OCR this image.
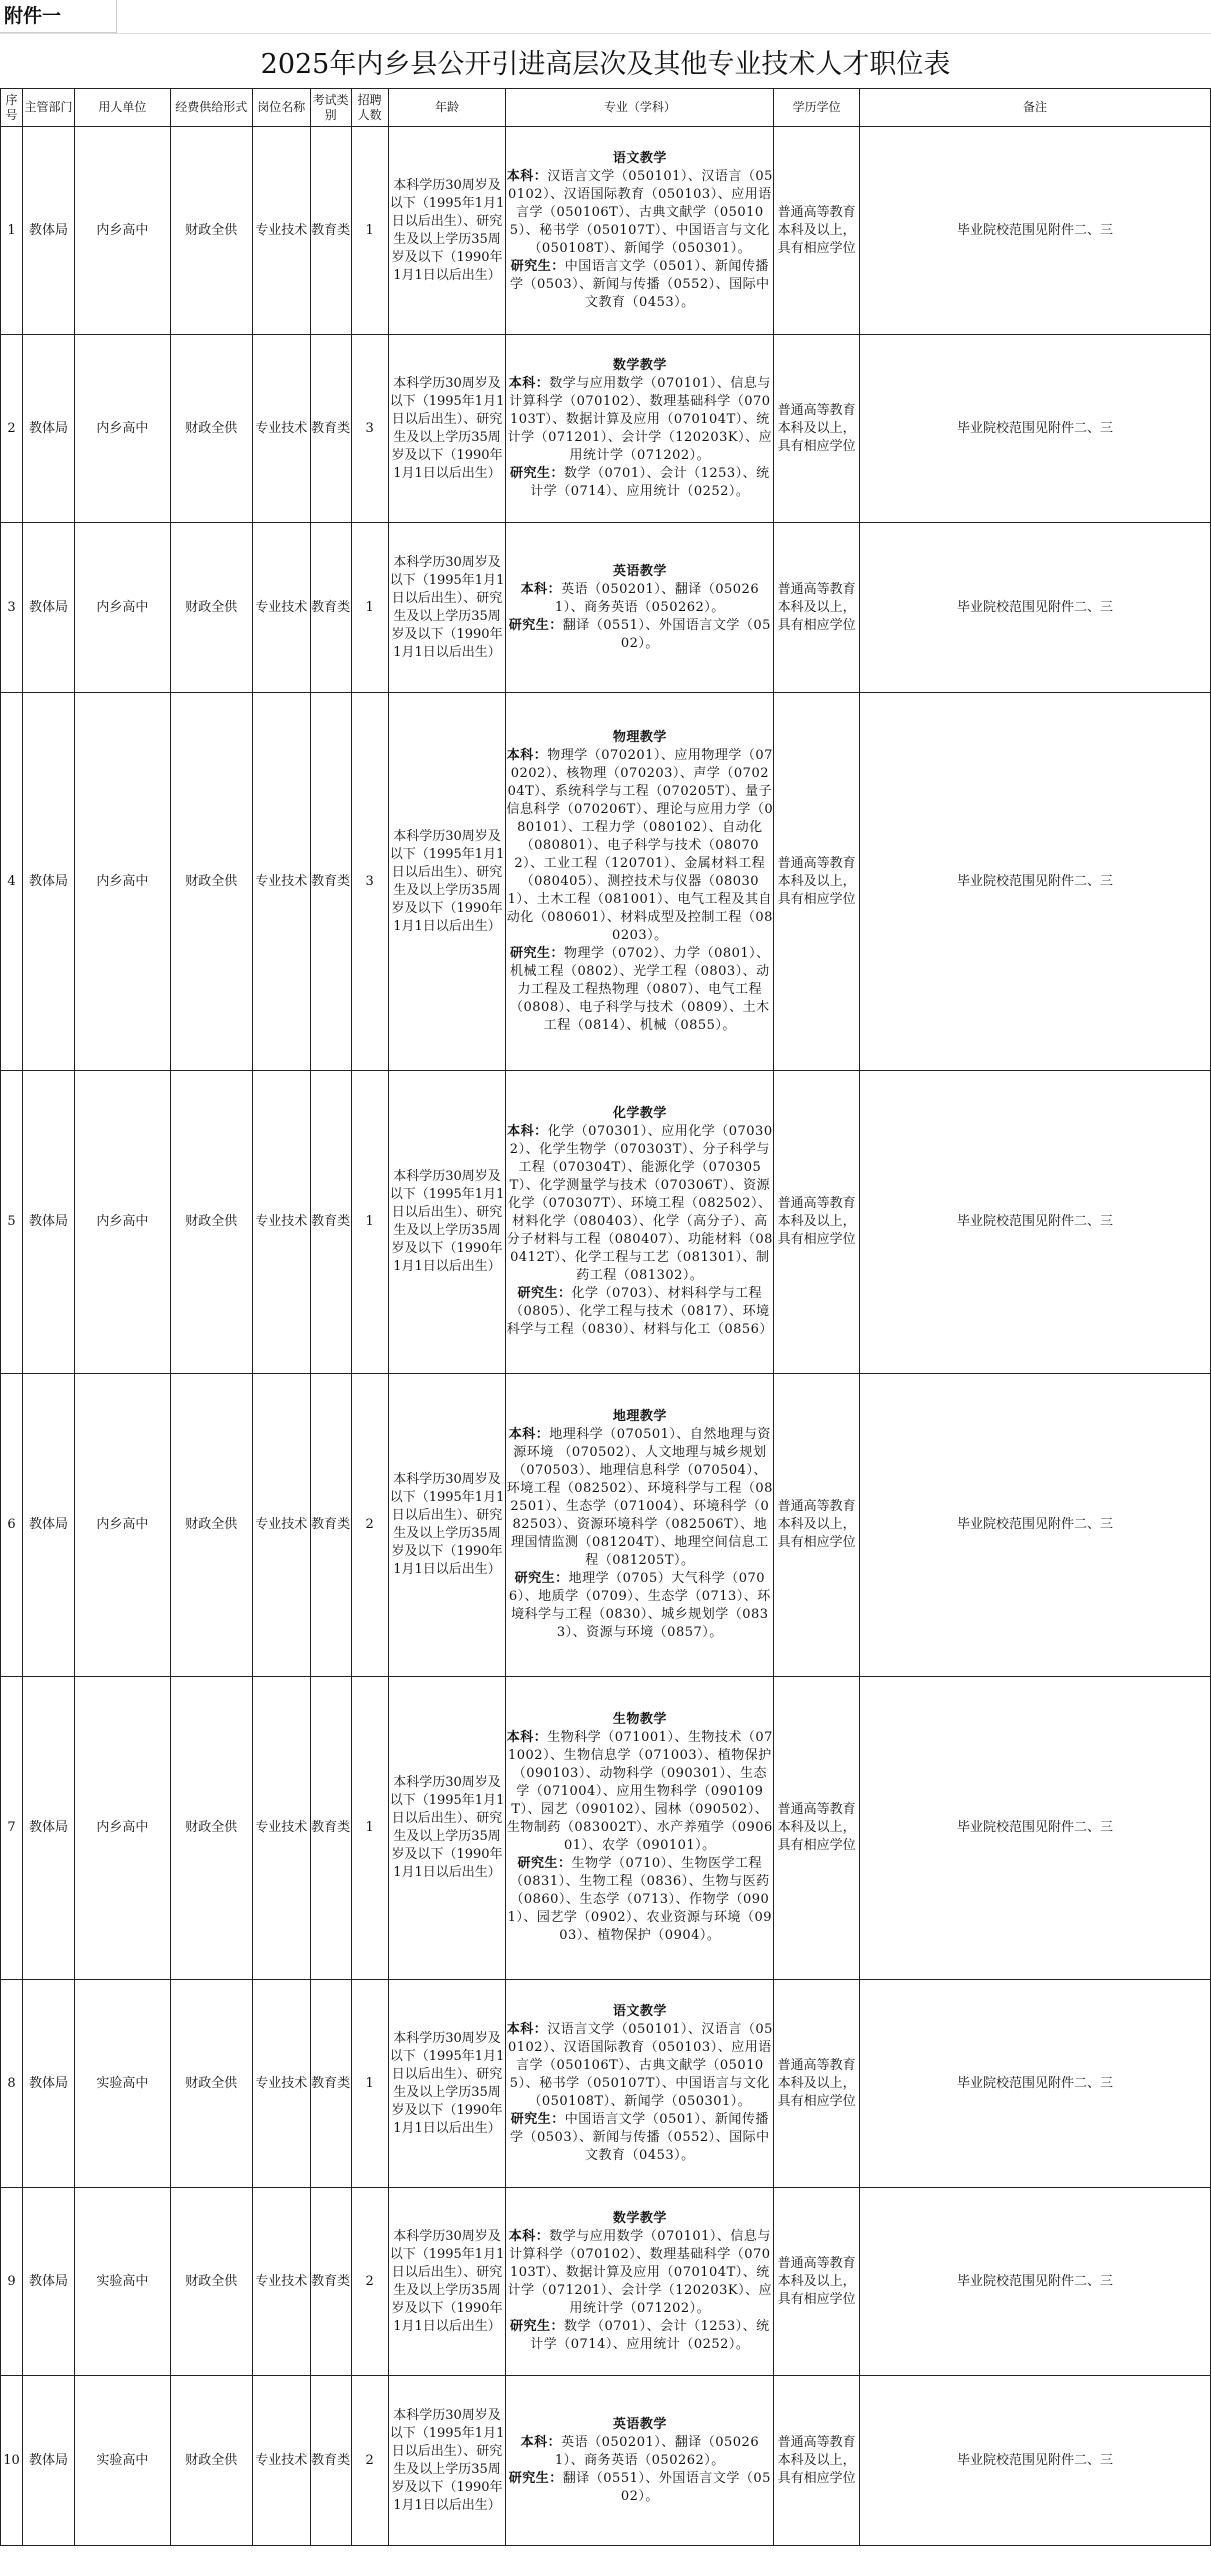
附件一
2025年内乡县公开引进高层次及其他专业技术人才职位表
序号	主管部门	用人单位	经费供给形式	岗位名称	考试类别	招聘人数	年龄	专业（学科）	学历学位	备注
1	教体局	内乡高中	财政全供	专业技术	教育类	1	本科学历30周岁及以下（1995年1月1日以后出生）、研究生及以上学历35周岁及以下（1990年1月1日以后出生）	语文教学
本科：汉语言文学（050101）、汉语言（050102）、汉语国际教育（050103）、应用语言学（050106T）、古典文献学（050105）、秘书学（050107T）、中国语言与文化（050108T）、新闻学（050301）。
研究生：中国语言文学（0501）、新闻传播学（0503）、新闻与传播（0552）、国际中文教育（0453）。	普通高等教育本科及以上，具有相应学位	毕业院校范围见附件二、三
2	教体局	内乡高中	财政全供	专业技术	教育类	3	本科学历30周岁及以下（1995年1月1日以后出生）、研究生及以上学历35周岁及以下（1990年1月1日以后出生）	数学教学
本科：数学与应用数学（070101）、信息与计算科学（070102）、数理基础科学（070103T）、数据计算及应用（070104T）、统计学（071201）、会计学（120203K）、应用统计学（071202）。
研究生：数学（0701）、会计（1253）、统计学（0714）、应用统计（0252）。	普通高等教育本科及以上，具有相应学位	毕业院校范围见附件二、三
3	教体局	内乡高中	财政全供	专业技术	教育类	1	本科学历30周岁及以下（1995年1月1日以后出生）、研究生及以上学历35周岁及以下（1990年1月1日以后出生）	英语教学
本科：英语（050201）、翻译（050261）、商务英语（050262）。
研究生：翻译（0551）、外国语言文学（0502）。	普通高等教育本科及以上，具有相应学位	毕业院校范围见附件二、三
4	教体局	内乡高中	财政全供	专业技术	教育类	3	本科学历30周岁及以下（1995年1月1日以后出生）、研究生及以上学历35周岁及以下（1990年1月1日以后出生）	物理教学
本科：物理学（070201）、应用物理学（070202）、核物理（070203）、声学（070204T）、系统科学与工程（070205T）、量子信息科学（070206T）、理论与应用力学（080101）、工程力学（080102）、自动化（080801）、电子科学与技术（080702）、工业工程（120701）、金属材料工程（080405）、测控技术与仪器（080301）、土木工程（081001）、电气工程及其自动化（080601）、材料成型及控制工程（080203）。
研究生：物理学（0702）、力学（0801）、机械工程（0802）、光学工程（0803）、动力工程及工程热物理（0807）、电气工程（0808）、电子科学与技术（0809）、土木工程（0814）、机械（0855）。	普通高等教育本科及以上，具有相应学位	毕业院校范围见附件二、三
5	教体局	内乡高中	财政全供	专业技术	教育类	1	本科学历30周岁及以下（1995年1月1日以后出生）、研究生及以上学历35周岁及以下（1990年1月1日以后出生）	化学教学
本科：化学（070301）、应用化学（070302）、化学生物学（070303T）、分子科学与工程（070304T）、能源化学（070305T）、化学测量学与技术（070306T）、资源化学（070307T）、环境工程（082502）、材料化学（080403）、化学（高分子）、高分子材料与工程（080407）、功能材料（080412T）、化学工程与工艺（081301）、制药工程（081302）。
研究生：化学（0703）、材料科学与工程（0805）、化学工程与技术（0817）、环境科学与工程（0830）、材料与化工（0856）	普通高等教育本科及以上，具有相应学位	毕业院校范围见附件二、三
6	教体局	内乡高中	财政全供	专业技术	教育类	2	本科学历30周岁及以下（1995年1月1日以后出生）、研究生及以上学历35周岁及以下（1990年1月1日以后出生）	地理教学
本科：地理科学（070501）、自然地理与资源环境 （070502）、人文地理与城乡规划（070503）、地理信息科学（070504）、环境工程（082502）、环境科学与工程（082501）、生态学（071004）、环境科学（082503）、资源环境科学（082506T）、地理国情监测（081204T）、地理空间信息工程（081205T）。
研究生：地理学（0705）大气科学（0706）、地质学（0709）、生态学（0713）、环境科学与工程（0830）、城乡规划学（0833）、资源与环境（0857）。	普通高等教育本科及以上，具有相应学位	毕业院校范围见附件二、三
7	教体局	内乡高中	财政全供	专业技术	教育类	1	本科学历30周岁及以下（1995年1月1日以后出生）、研究生及以上学历35周岁及以下（1990年1月1日以后出生）	生物教学
本科：生物科学（071001）、生物技术（071002）、生物信息学（071003）、植物保护（090103）、动物科学（090301）、生态学（071004）、应用生物科学（090109T）、园艺（090102）、园林（090502）、生物制药（083002T）、水产养殖学（090601）、农学（090101）。
研究生：生物学（0710）、生物医学工程（0831）、生物工程（0836）、生物与医药（0860）、生态学（0713）、作物学（0901）、园艺学（0902）、农业资源与环境（0903）、植物保护（0904）。	普通高等教育本科及以上，具有相应学位	毕业院校范围见附件二、三
8	教体局	实验高中	财政全供	专业技术	教育类	1	本科学历30周岁及以下（1995年1月1日以后出生）、研究生及以上学历35周岁及以下（1990年1月1日以后出生）	语文教学
本科：汉语言文学（050101）、汉语言（050102）、汉语国际教育（050103）、应用语言学（050106T）、古典文献学（050105）、秘书学（050107T）、中国语言与文化（050108T）、新闻学（050301）。
研究生：中国语言文学（0501）、新闻传播学（0503）、新闻与传播（0552）、国际中文教育（0453）。	普通高等教育本科及以上，具有相应学位	毕业院校范围见附件二、三
9	教体局	实验高中	财政全供	专业技术	教育类	2	本科学历30周岁及以下（1995年1月1日以后出生）、研究生及以上学历35周岁及以下（1990年1月1日以后出生）	数学教学
本科：数学与应用数学（070101）、信息与计算科学（070102）、数理基础科学（070103T）、数据计算及应用（070104T）、统计学（071201）、会计学（120203K）、应用统计学（071202）。
研究生：数学（0701）、会计（1253）、统计学（0714）、应用统计（0252）。	普通高等教育本科及以上，具有相应学位	毕业院校范围见附件二、三
10	教体局	实验高中	财政全供	专业技术	教育类	2	本科学历30周岁及以下（1995年1月1日以后出生）、研究生及以上学历35周岁及以下（1990年1月1日以后出生）	英语教学
本科：英语（050201）、翻译（050261）、商务英语（050262）。
研究生：翻译（0551）、外国语言文学（0502）。	普通高等教育本科及以上，具有相应学位	毕业院校范围见附件二、三
